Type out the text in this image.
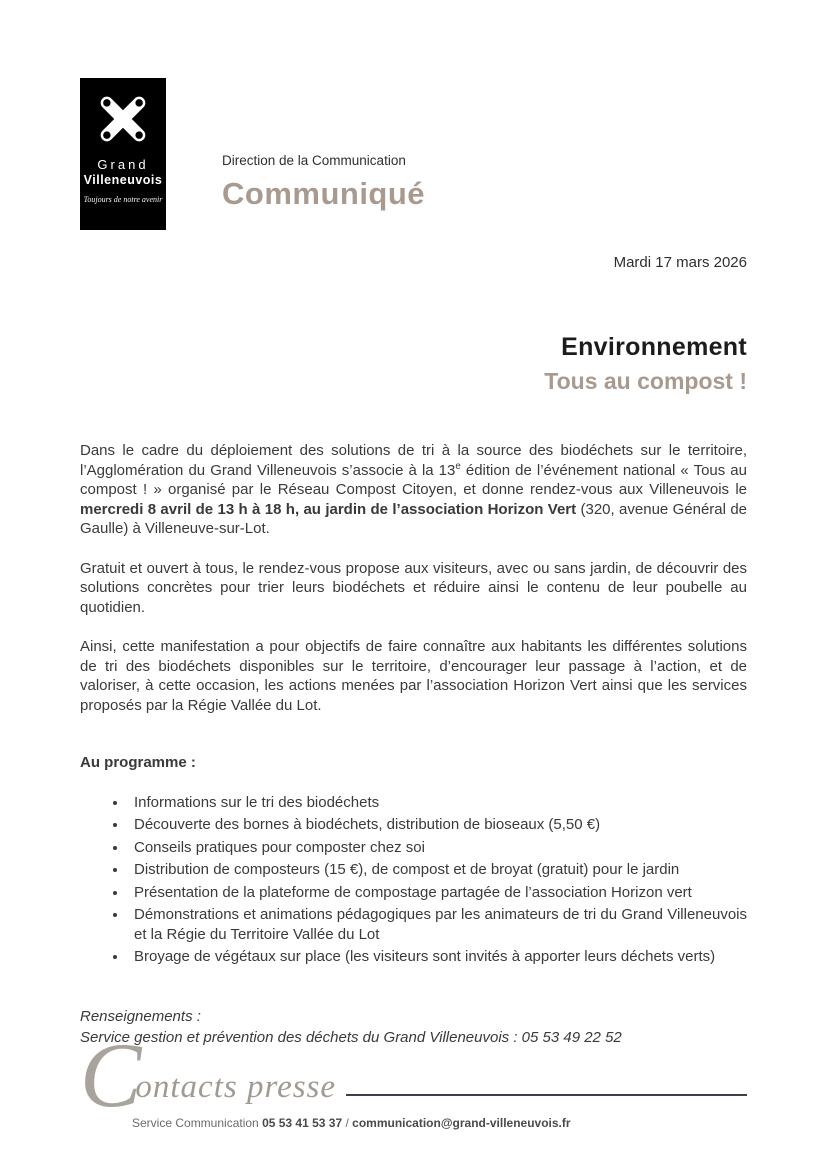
Grand
Villeneuvois
Toujours de notre avenir
Direction de la Communication
Communiqué
Mardi 17 mars 2026
Environnement
Tous au compost !

Dans le cadre du déploiement des solutions de tri à la source des biodéchets sur le territoire, l’Agglomération du Grand Villeneuvois s’associe à la 13e édition de l’événement national « Tous au compost ! » organisé par le Réseau Compost Citoyen, et donne rendez-vous aux Villeneuvois le mercredi 8 avril de 13 h à 18 h, au jardin de l’association Horizon Vert (320, avenue Général de Gaulle) à Villeneuve-sur-Lot.

Gratuit et ouvert à tous, le rendez-vous propose aux visiteurs, avec ou sans jardin, de découvrir des solutions concrètes pour trier leurs biodéchets et réduire ainsi le contenu de leur poubelle au quotidien.

Ainsi, cette manifestation a pour objectifs de faire connaître aux habitants les différentes solutions de tri des biodéchets disponibles sur le territoire, d’encourager leur passage à l’action, et de valoriser, à cette occasion, les actions menées par l’association Horizon Vert ainsi que les services proposés par la Régie Vallée du Lot.

Au programme :

• Informations sur le tri des biodéchets
• Découverte des bornes à biodéchets, distribution de bioseaux (5,50 €)
• Conseils pratiques pour composter chez soi
• Distribution de composteurs (15 €), de compost et de broyat (gratuit) pour le jardin
• Présentation de la plateforme de compostage partagée de l’association Horizon vert
• Démonstrations et animations pédagogiques par les animateurs de tri du Grand Villeneuvois et la Régie du Territoire Vallée du Lot
• Broyage de végétaux sur place (les visiteurs sont invités à apporter leurs déchets verts)

Renseignements :

Service gestion et prévention des déchets du Grand Villeneuvois : 05 53 49 22 52

C
ontacts presse
Service Communication 05 53 41 53 37 / communication@grand-villeneuvois.fr
